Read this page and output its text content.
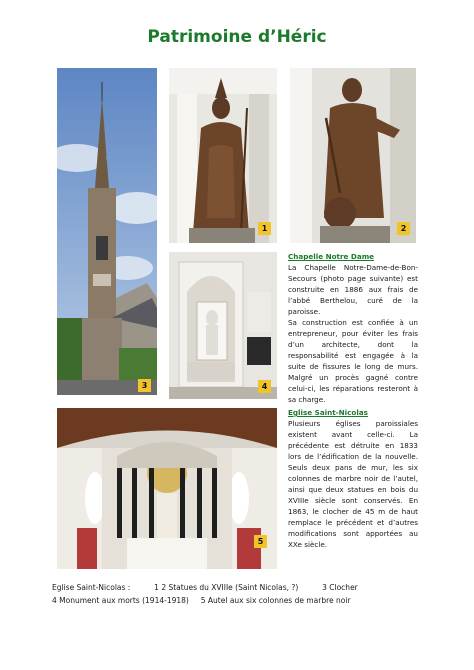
Patrimoine d’Héric
3
1	2
4
5

Chapelle Notre Dame

La Chapelle Notre-Dame-de-Bon-Secours (photo page suivante) est construite en 1886 aux frais de l’abbé Berthelou, curé de la paroisse.

Sa construction est confiée à un entrepreneur, pour éviter les frais d’un architecte, dont la responsabilité est engagée à la suite de fissures le long de murs. Malgré un procès gagné contre celui-ci, les réparations resteront à sa charge.

Eglise Saint-Nicolas

Plusieurs églises paroissiales existent avant celle-ci. La précédente est détruite en 1833 lors de l’édification de la nouvelle. Seuls deux pans de mur, les six colonnes de marbre noir de l’autel, ainsi que deux statues en bois du XVIIIe siècle sont conservés. En 1863, le clocher de 45 m de haut remplace le précédent et d’autres modifications sont apportées au XXe siècle.

Eglise Saint-Nicolas :          1 2 Statues du XVIIIe (Saint Nicolas, ?)          3 Clocher
4 Monument aux morts (1914-1918)     5 Autel aux six colonnes de marbre noir
